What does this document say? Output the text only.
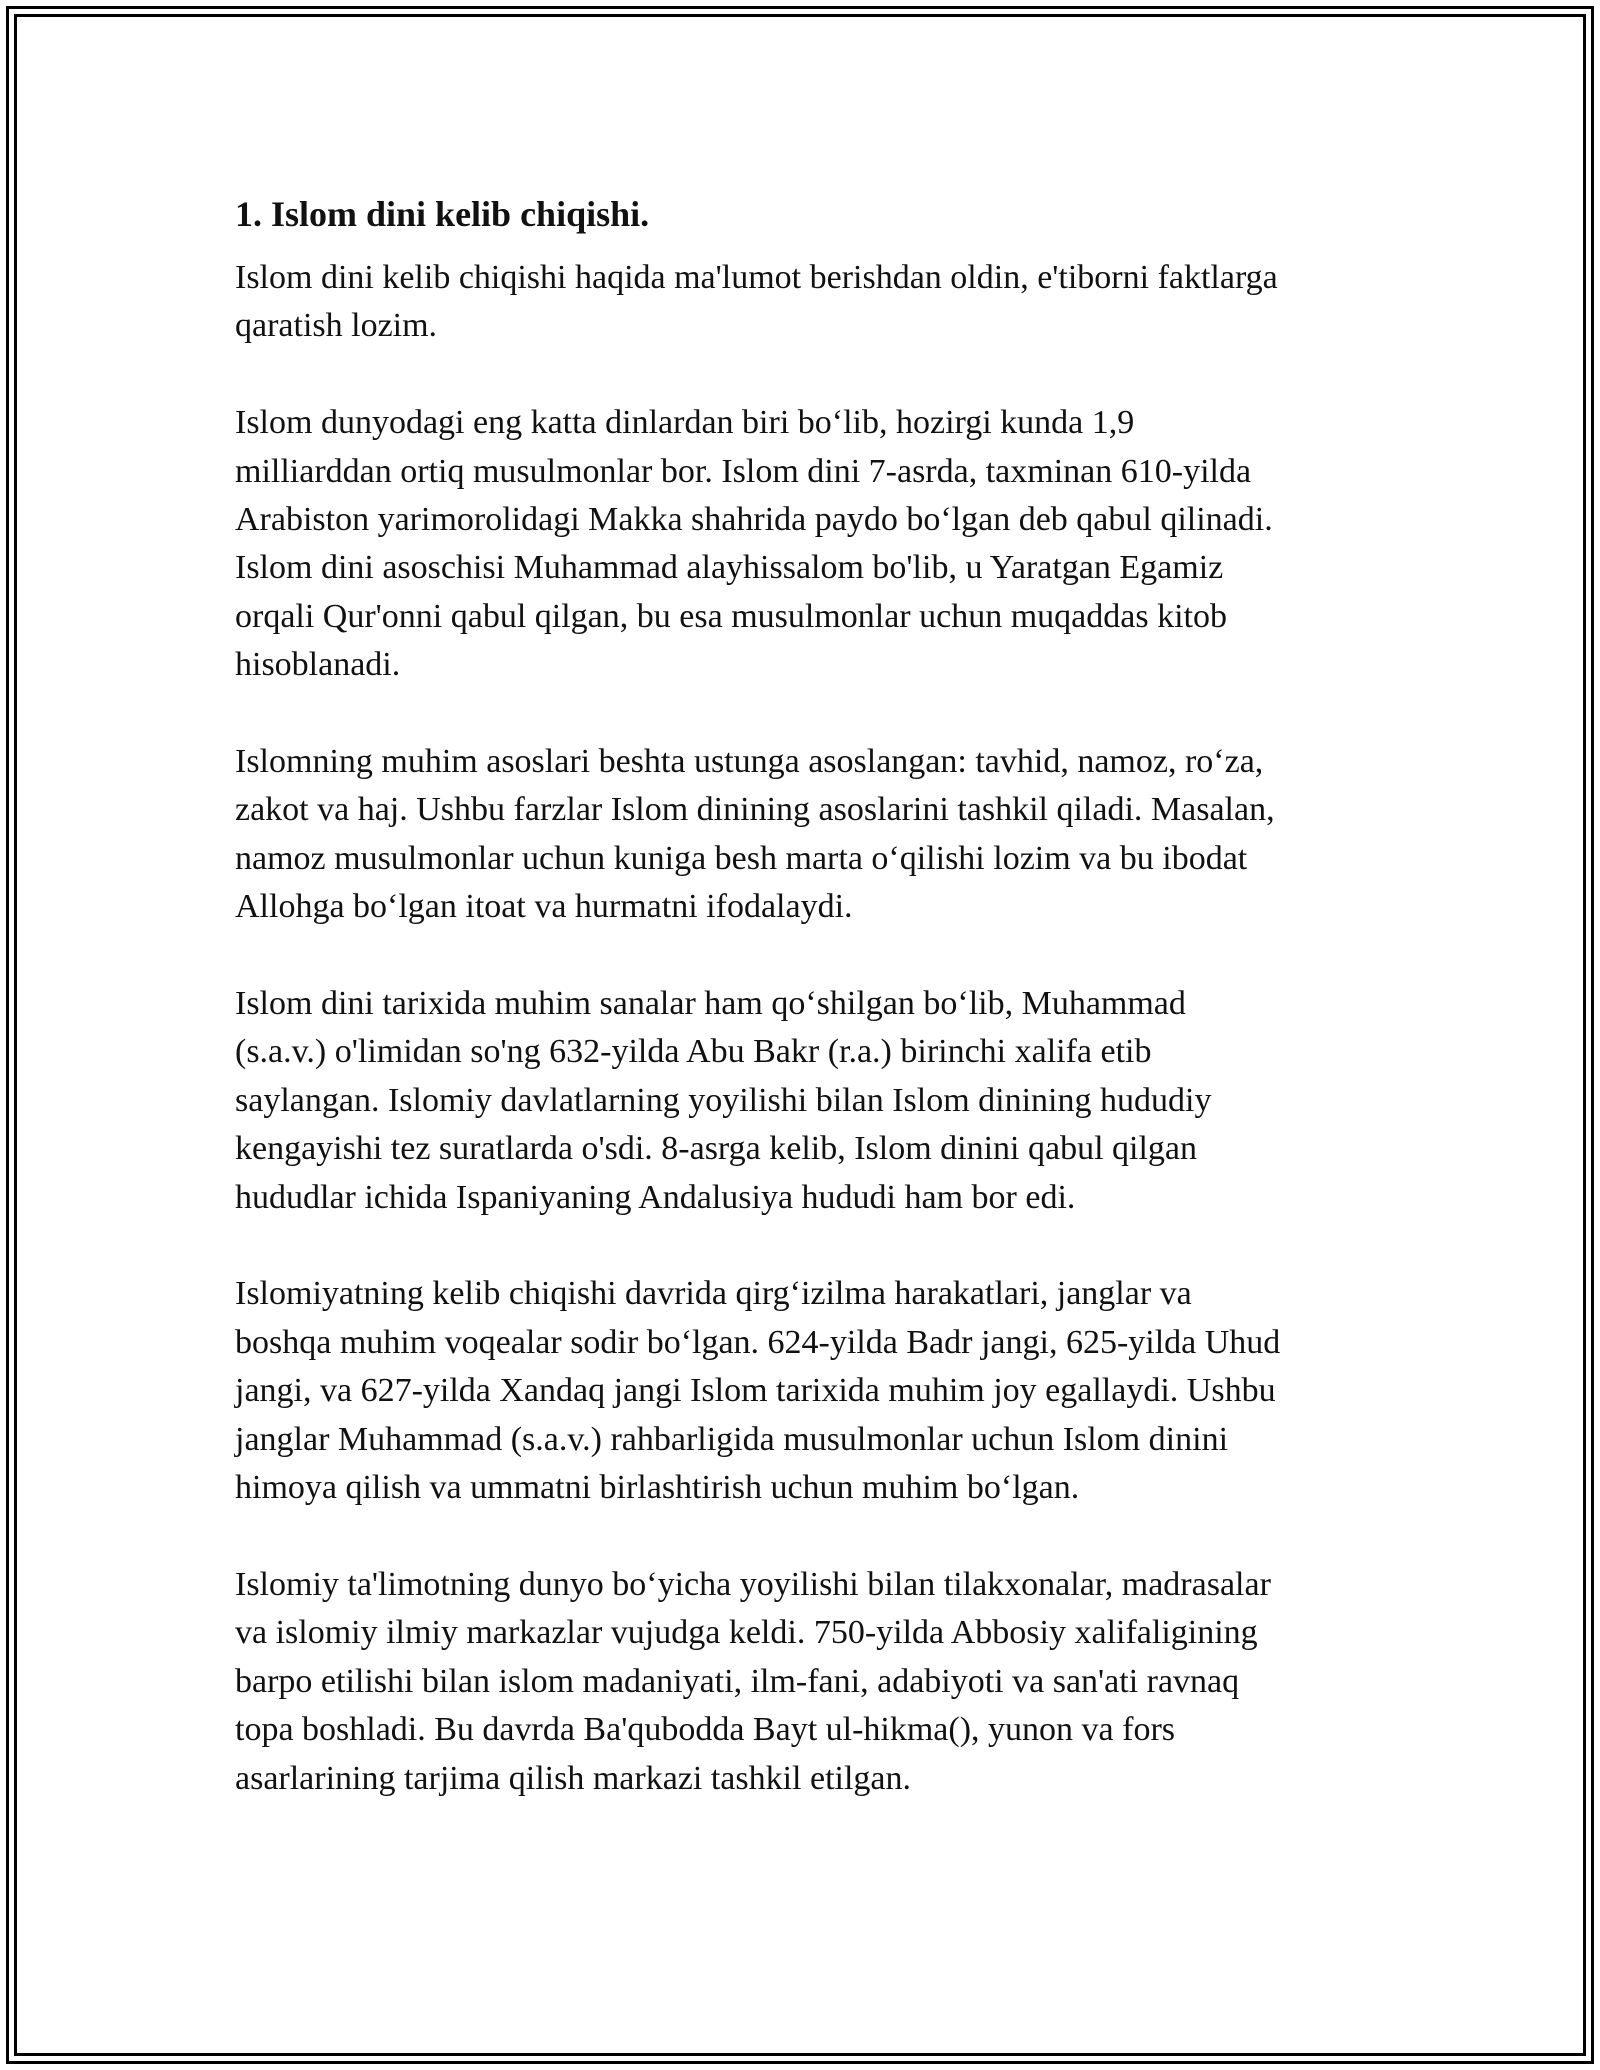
1. Islom dini kelib chiqishi.

Islom dini kelib chiqishi haqida ma'lumot berishdan oldin, e'tiborni faktlarga
qaratish lozim.

Islom dunyodagi eng katta dinlardan biri bo‘lib, hozirgi kunda 1,9
milliarddan ortiq musulmonlar bor. Islom dini 7-asrda, taxminan 610-yilda
Arabiston yarimorolidagi Makka shahrida paydo bo‘lgan deb qabul qilinadi.
Islom dini asoschisi Muhammad alayhissalom bo'lib, u Yaratgan Egamiz
orqali Qur'onni qabul qilgan, bu esa musulmonlar uchun muqaddas kitob
hisoblanadi.

Islomning muhim asoslari beshta ustunga asoslangan: tavhid, namoz, ro‘za,
zakot va haj. Ushbu farzlar Islom dinining asoslarini tashkil qiladi. Masalan,
namoz musulmonlar uchun kuniga besh marta o‘qilishi lozim va bu ibodat
Allohga bo‘lgan itoat va hurmatni ifodalaydi.

Islom dini tarixida muhim sanalar ham qo‘shilgan bo‘lib, Muhammad
(s.a.v.) o'limidan so'ng 632-yilda Abu Bakr (r.a.) birinchi xalifa etib
saylangan. Islomiy davlatlarning yoyilishi bilan Islom dinining hududiy
kengayishi tez suratlarda o'sdi. 8-asrga kelib, Islom dinini qabul qilgan
hududlar ichida Ispaniyaning Andalusiya hududi ham bor edi.

Islomiyatning kelib chiqishi davrida qirg‘izilma harakatlari, janglar va
boshqa muhim voqealar sodir bo‘lgan. 624-yilda Badr jangi, 625-yilda Uhud
jangi, va 627-yilda Xandaq jangi Islom tarixida muhim joy egallaydi. Ushbu
janglar Muhammad (s.a.v.) rahbarligida musulmonlar uchun Islom dinini
himoya qilish va ummatni birlashtirish uchun muhim bo‘lgan.

Islomiy ta'limotning dunyo bo‘yicha yoyilishi bilan tilakxonalar, madrasalar
va islomiy ilmiy markazlar vujudga keldi. 750-yilda Abbosiy xalifaligining
barpo etilishi bilan islom madaniyati, ilm-fani, adabiyoti va san'ati ravnaq
topa boshladi. Bu davrda Ba'qubodda Bayt ul-hikma(), yunon va fors
asarlarining tarjima qilish markazi tashkil etilgan.
